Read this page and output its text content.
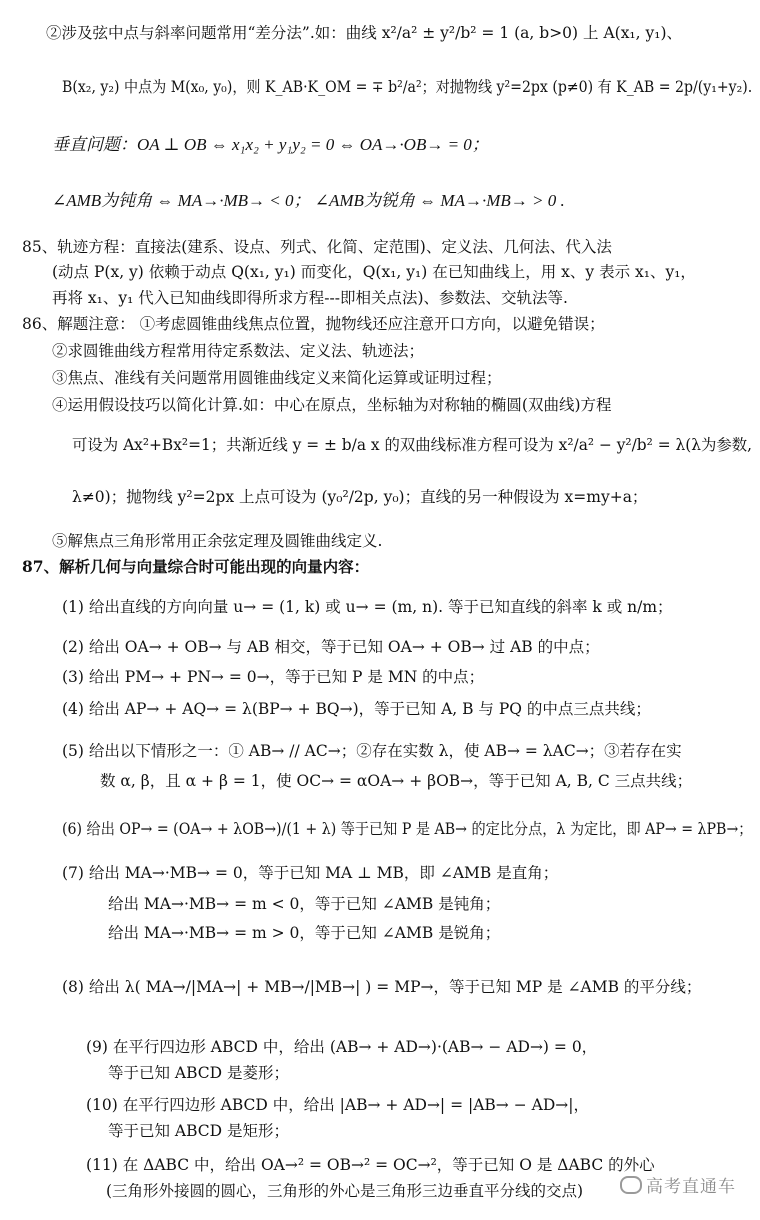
②涉及弦中点与斜率问题常用“差分法”.如：曲线 x²/a² ± y²/b² = 1 (a, b>0) 上 A(x₁, y₁)、
B(x₂, y₂) 中点为 M(x₀, y₀)，则 K_AB·K_OM = ∓ b²/a²；对抛物线 y²=2px (p≠0) 有 K_AB = 2p/(y₁+y₂).
垂直问题：OA ⊥ OB ⇔ x₁x₂ + y₁y₂ = 0 ⇔ OA→·OB→ = 0；
∠AMB为钝角 ⇔ MA→·MB→ < 0； ∠AMB为锐角 ⇔ MA→·MB→ > 0 .
85、轨迹方程：直接法(建系、设点、列式、化简、定范围)、定义法、几何法、代入法
(动点 P(x, y) 依赖于动点 Q(x₁, y₁) 而变化，Q(x₁, y₁) 在已知曲线上，用 x、y 表示 x₁、y₁，
再将 x₁、y₁ 代入已知曲线即得所求方程---即相关点法)、参数法、交轨法等.
86、解题注意： ①考虑圆锥曲线焦点位置，抛物线还应注意开口方向，以避免错误；
②求圆锥曲线方程常用待定系数法、定义法、轨迹法；
③焦点、准线有关问题常用圆锥曲线定义来简化运算或证明过程；
④运用假设技巧以简化计算.如：中心在原点，坐标轴为对称轴的椭圆(双曲线)方程
可设为 Ax²+Bx²=1；共渐近线 y = ± b/a x 的双曲线标准方程可设为 x²/a² − y²/b² = λ(λ为参数,
λ≠0)；抛物线 y²=2px 上点可设为 (y₀²/2p, y₀)；直线的另一种假设为 x=my+a；
⑤解焦点三角形常用正余弦定理及圆锥曲线定义.
87、解析几何与向量综合时可能出现的向量内容：
(1) 给出直线的方向向量 u→ = (1, k) 或 u→ = (m, n). 等于已知直线的斜率 k 或 n/m；
(2) 给出 OA→ + OB→ 与 AB 相交，等于已知 OA→ + OB→ 过 AB 的中点；
(3) 给出 PM→ + PN→ = 0→，等于已知 P 是 MN 的中点；
(4) 给出 AP→ + AQ→ = λ(BP→ + BQ→)，等于已知 A, B 与 PQ 的中点三点共线；
(5) 给出以下情形之一：① AB→ // AC→；②存在实数 λ，使 AB→ = λAC→；③若存在实
数 α, β，且 α + β = 1，使 OC→ = αOA→ + βOB→，等于已知 A, B, C 三点共线；
(6) 给出 OP→ = (OA→ + λOB→)/(1 + λ) 等于已知 P 是 AB→ 的定比分点，λ 为定比，即 AP→ = λPB→；
(7) 给出 MA→·MB→ = 0，等于已知 MA ⊥ MB，即 ∠AMB 是直角；
给出 MA→·MB→ = m < 0，等于已知 ∠AMB 是钝角；
给出 MA→·MB→ = m > 0，等于已知 ∠AMB 是锐角；
(8) 给出 λ( MA→/|MA→| + MB→/|MB→| ) = MP→，等于已知 MP 是 ∠AMB 的平分线；
(9) 在平行四边形 ABCD 中，给出 (AB→ + AD→)·(AB→ − AD→) = 0，
等于已知 ABCD 是菱形；
(10) 在平行四边形 ABCD 中，给出 |AB→ + AD→| = |AB→ − AD→|，
等于已知 ABCD 是矩形；
(11) 在 ΔABC 中，给出 OA→² = OB→² = OC→²，等于已知 O 是 ΔABC 的外心
(三角形外接圆的圆心，三角形的外心是三角形三边垂直平分线的交点)	高考直通车
